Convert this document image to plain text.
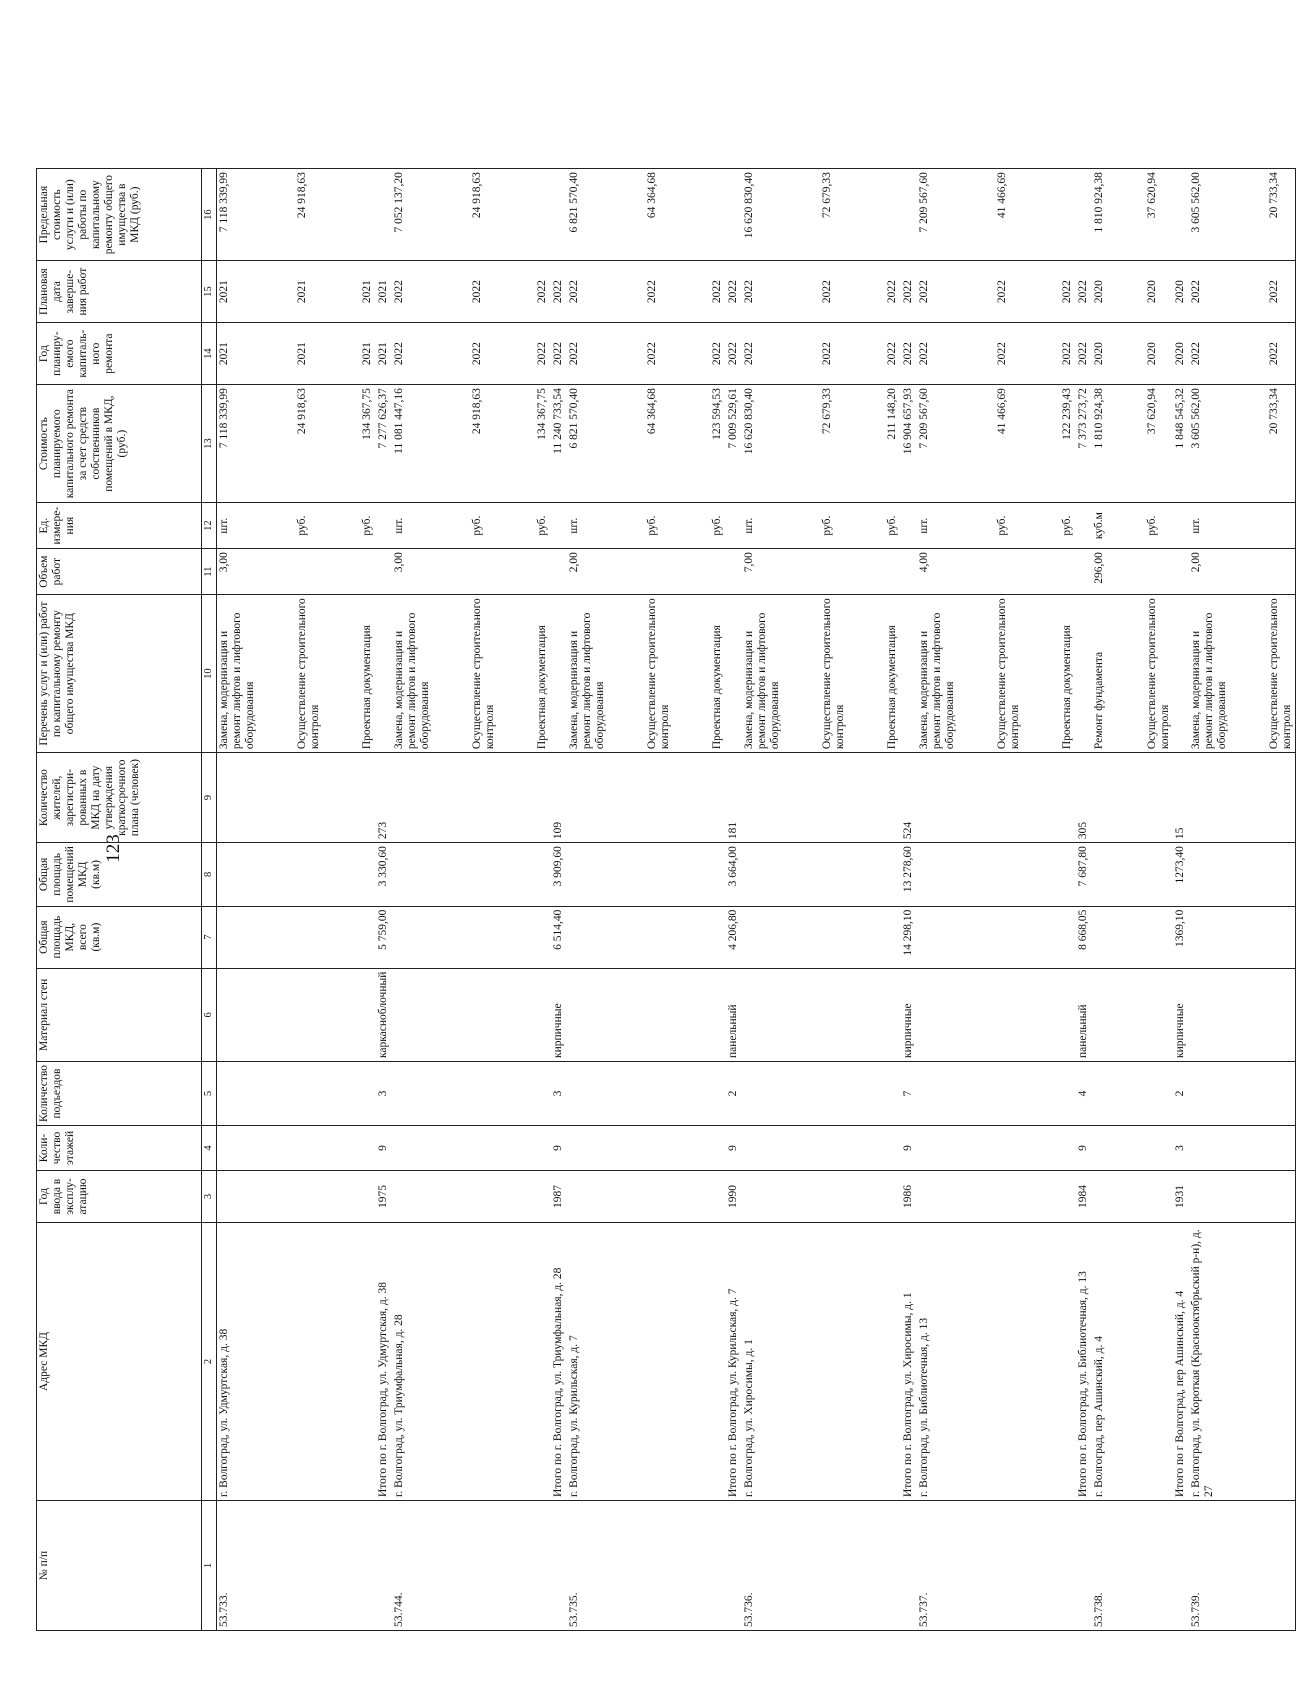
123
№ п/п	Адрес МКД	Год ввода в эксплу-атацию	Коли-чество этажей	Количество подъездов	Материал стен	Общая площадь МКД, всего (кв.м)	Общая площадь помещений МКД (кв.м)	Количество жителей, зарегистри-рованных в МКД на дату утверждения краткосрочного плана (человек)	Перечень услуг и (или) работ по капитальному ремонту общего имущества МКД	Объем работ	Ед. измере-ния	Стоимость планируемого капитального ремонта за счет средств собственников помещений в МКД, (руб.)	Год планиру-емого капиталь-ного ремонта	Плановая дата заверше-ния работ	Предельная стоимость услуги и (или) работы по капитальному ремонту общего имущества в МКД (руб.)
1	2	3	4	5	6	7	8	9	10	11	12	13	14	15	16
53.733.	г. Волгоград, ул. Удмуртская, д. 38								Замена, модернизация и ремонт лифтов и лифтового оборудования	3,00	шт.	7 118 339,99	2021	2021	7 118 339,99
									Осуществление строительного контроля		руб.	24 918,63	2021	2021	24 918,63
									Проектная документация		руб.	134 367,75	2021	2021	
	Итого по г. Волгоград, ул. Удмуртская, д. 38	1975	9	3	каркаснoблочный	5 759,00	3 330,60	273				7 277 626,37	2021	2021	
53.744.	г. Волгоград, ул. Триумфальная, д. 28								Замена, модернизация и ремонт лифтов и лифтового оборудования	3,00	шт.	11 081 447,16	2022	2022	7 052 137,20
									Осуществление строительного контроля		руб.	24 918,63	2022	2022	24 918,63
									Проектная документация		руб.	134 367,75	2022	2022	
	Итого по г. Волгоград, ул. Триумфальная, д. 28	1987	9	3	кирпичные	6 514,40	3 909,60	109				11 240 733,54	2022	2022	
53.735.	г. Волгоград, ул. Курильская, д. 7								Замена, модернизация и ремонт лифтов и лифтового оборудования	2,00	шт.	6 821 570,40	2022	2022	6 821 570,40
									Осуществление строительного контроля		руб.	64 364,68	2022	2022	64 364,68
									Проектная документация		руб.	123 594,53	2022	2022	
	Итого по г. Волгоград, ул. Курильская, д. 7	1990	9	2	панельный	4 206,80	3 664,00	181				7 009 529,61	2022	2022	
53.736.	г. Волгоград, ул. Хиросимы, д. 1								Замена, модернизация и ремонт лифтов и лифтового оборудования	7,00	шт.	16 620 830,40	2022	2022	16 620 830,40
									Осуществление строительного контроля		руб.	72 679,33	2022	2022	72 679,33
									Проектная документация		руб.	211 148,20	2022	2022	
	Итого по г. Волгоград, ул. Хиросимы, д. 1	1986	9	7	кирпичные	14 298,10	13 278,60	524				16 904 657,93	2022	2022	
53.737.	г. Волгоград, ул. Библиотечная, д. 13								Замена, модернизация и ремонт лифтов и лифтового оборудования	4,00	шт.	7 209 567,60	2022	2022	7 209 567,60
									Осуществление строительного контроля		руб.	41 466,69	2022	2022	41 466,69
									Проектная документация		руб.	122 239,43	2022	2022	
	Итого по г. Волгоград, ул. Библиотечная, д. 13	1984	9	4	панельный	8 668,05	7 687,80	305				7 373 273,72	2022	2022	
53.738.	г. Волгоград, пер Ашинский, д. 4								Ремонт фундамента	296,00	куб.м	1 810 924,38	2020	2020	1 810 924,38
									Осуществление строительного контроля		руб.	37 620,94	2020	2020	37 620,94
	Итого по г Волгоград, пер Ашинский, д. 4	1931	3	2	кирпичные	1369,10	1273,40	15				1 848 545,32	2020	2020	
53.739.	г. Волгоград, ул. Короткая (Краснооктябрьский р-н), д. 27								Замена, модернизация и ремонт лифтов и лифтового оборудования	2,00	шт.	3 605 562,00	2022	2022	3 605 562,00
									Осуществление строительного контроля			20 733,34	2022	2022	20 733,34
